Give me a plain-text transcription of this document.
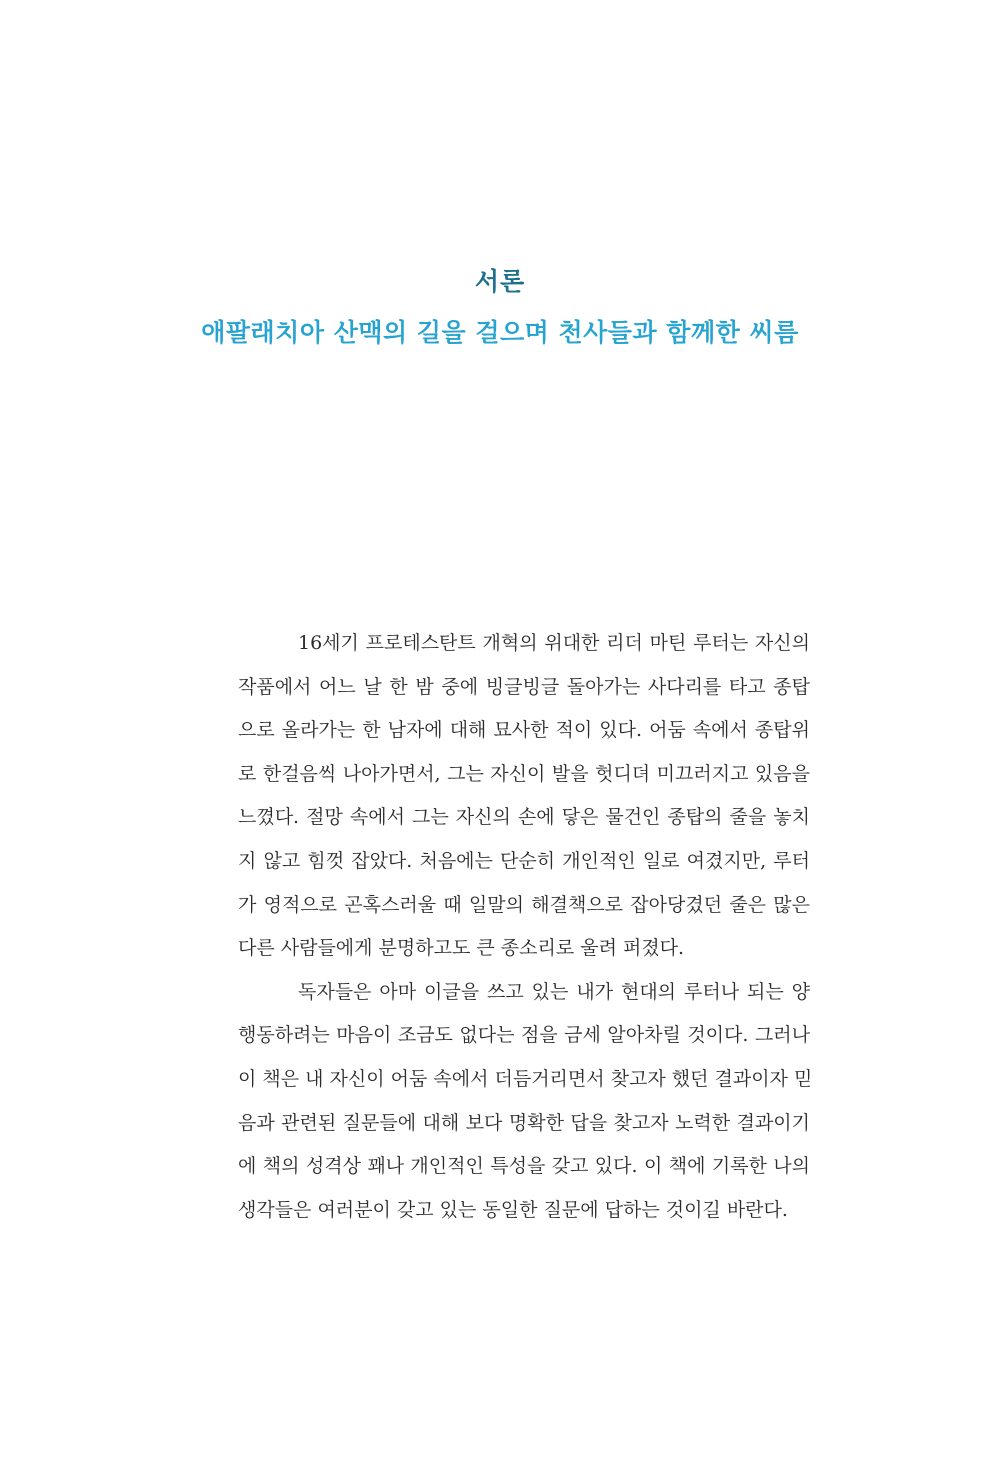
서론
애팔래치아 산맥의 길을 걸으며 천사들과 함께한 씨름
16세기 프로테스탄트 개혁의 위대한 리더 마틴 루터는 자신의
작품에서 어느 날 한 밤 중에 빙글빙글 돌아가는 사다리를 타고 종탑
으로 올라가는 한 남자에 대해 묘사한 적이 있다. 어둠 속에서 종탑위
로 한걸음씩 나아가면서, 그는 자신이 발을 헛디뎌 미끄러지고 있음을
느꼈다. 절망 속에서 그는 자신의 손에 닿은 물건인 종탑의 줄을 놓치
지 않고 힘껏 잡았다. 처음에는 단순히 개인적인 일로 여겼지만, 루터
가 영적으로 곤혹스러울 때 일말의 해결책으로 잡아당겼던 줄은 많은
다른 사람들에게 분명하고도 큰 종소리로 울려 퍼졌다.
독자들은 아마 이글을 쓰고 있는 내가 현대의 루터나 되는 양
행동하려는 마음이 조금도 없다는 점을 금세 알아차릴 것이다. 그러나
이 책은 내 자신이 어둠 속에서 더듬거리면서 찾고자 했던 결과이자 믿
음과 관련된 질문들에 대해 보다 명확한 답을 찾고자 노력한 결과이기
에 책의 성격상 꽤나 개인적인 특성을 갖고 있다. 이 책에 기록한 나의
생각들은 여러분이 갖고 있는 동일한 질문에 답하는 것이길 바란다.
